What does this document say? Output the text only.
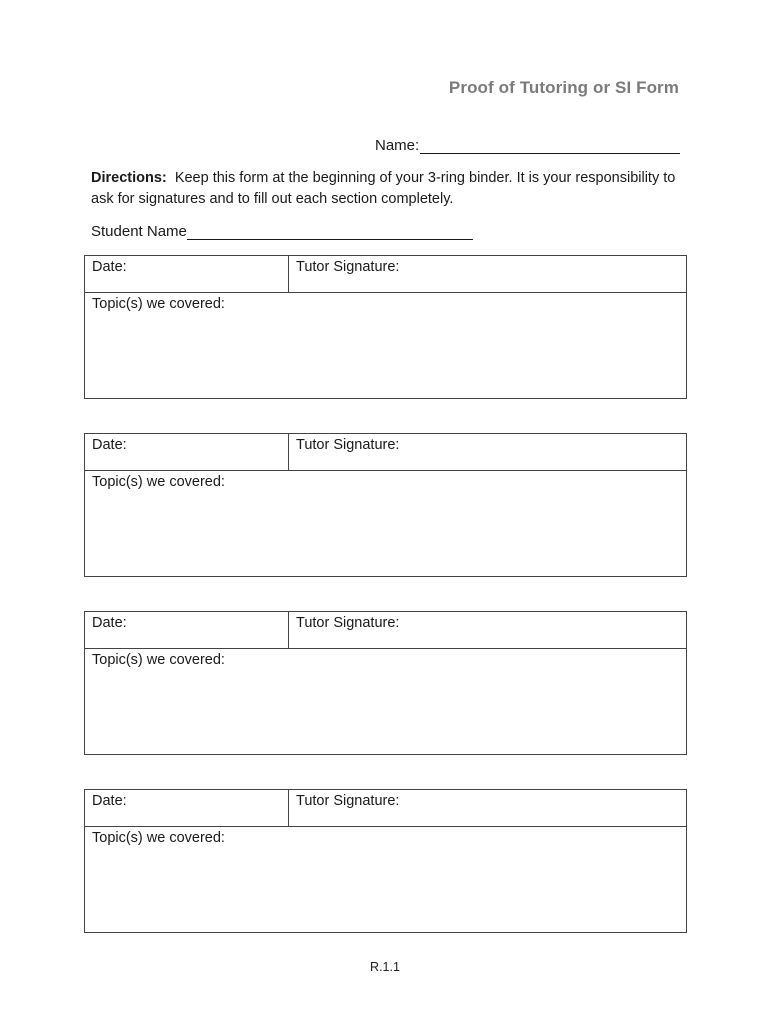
Proof of Tutoring or SI Form
Name:
Directions: Keep this form at the beginning of your 3-ring binder. It is your responsibility to ask for signatures and to fill out each section completely.
Student Name
Date:	Tutor Signature:
Topic(s) we covered:
Date:	Tutor Signature:
Topic(s) we covered:
Date:	Tutor Signature:
Topic(s) we covered:
Date:	Tutor Signature:
Topic(s) we covered:
R.1.1
